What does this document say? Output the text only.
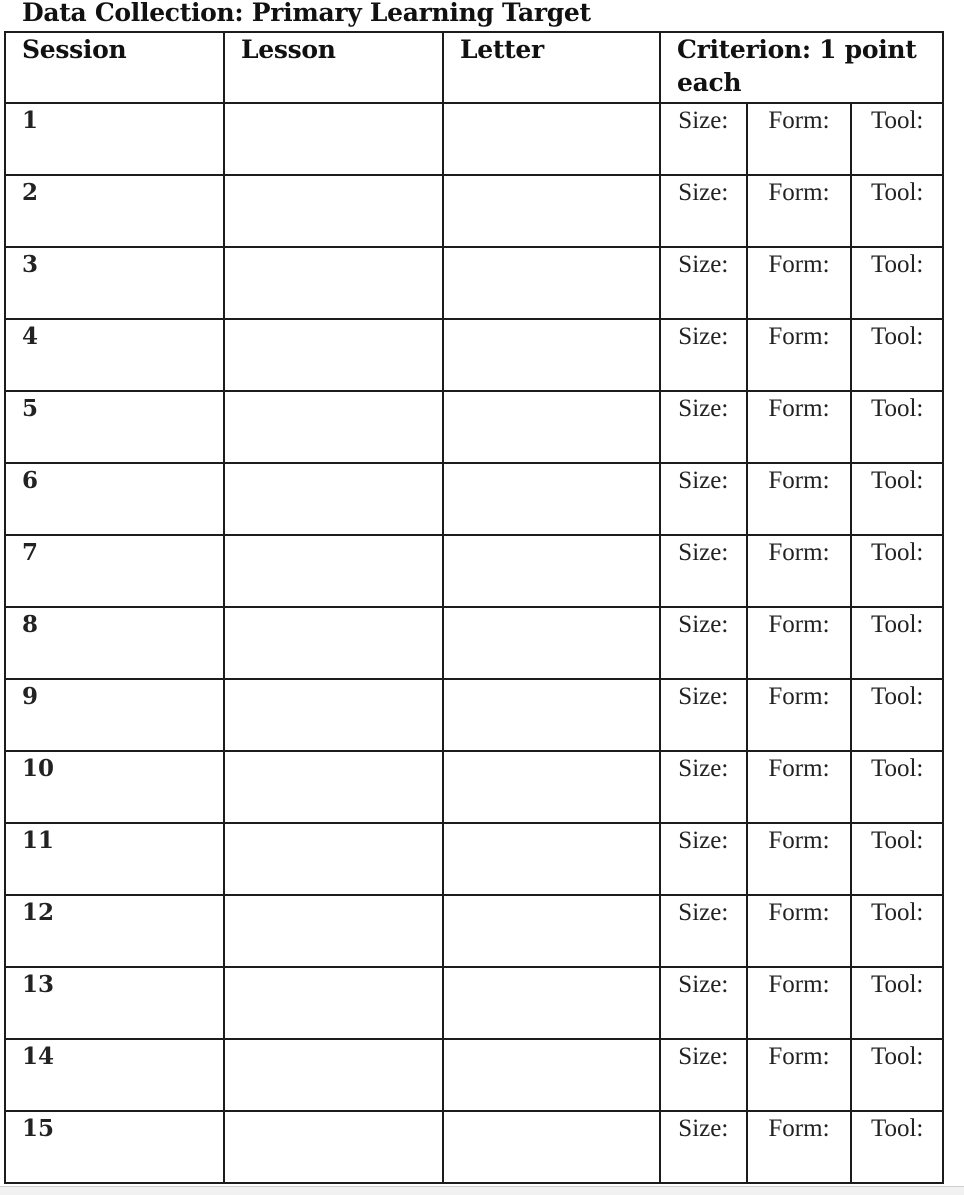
Data Collection: Primary Learning Target
Session	Lesson	Letter	Criterion: 1 point each
1				Size:	Form:	Tool:

2				Size:	Form:	Tool:

3				Size:	Form:	Tool:

4				Size:	Form:	Tool:

5				Size:	Form:	Tool:

6				Size:	Form:	Tool:

7				Size:	Form:	Tool:

8				Size:	Form:	Tool:

9				Size:	Form:	Tool:

10				Size:	Form:	Tool:

11				Size:	Form:	Tool:

12				Size:	Form:	Tool:

13				Size:	Form:	Tool:

14				Size:	Form:	Tool:

15				Size:	Form:	Tool:
